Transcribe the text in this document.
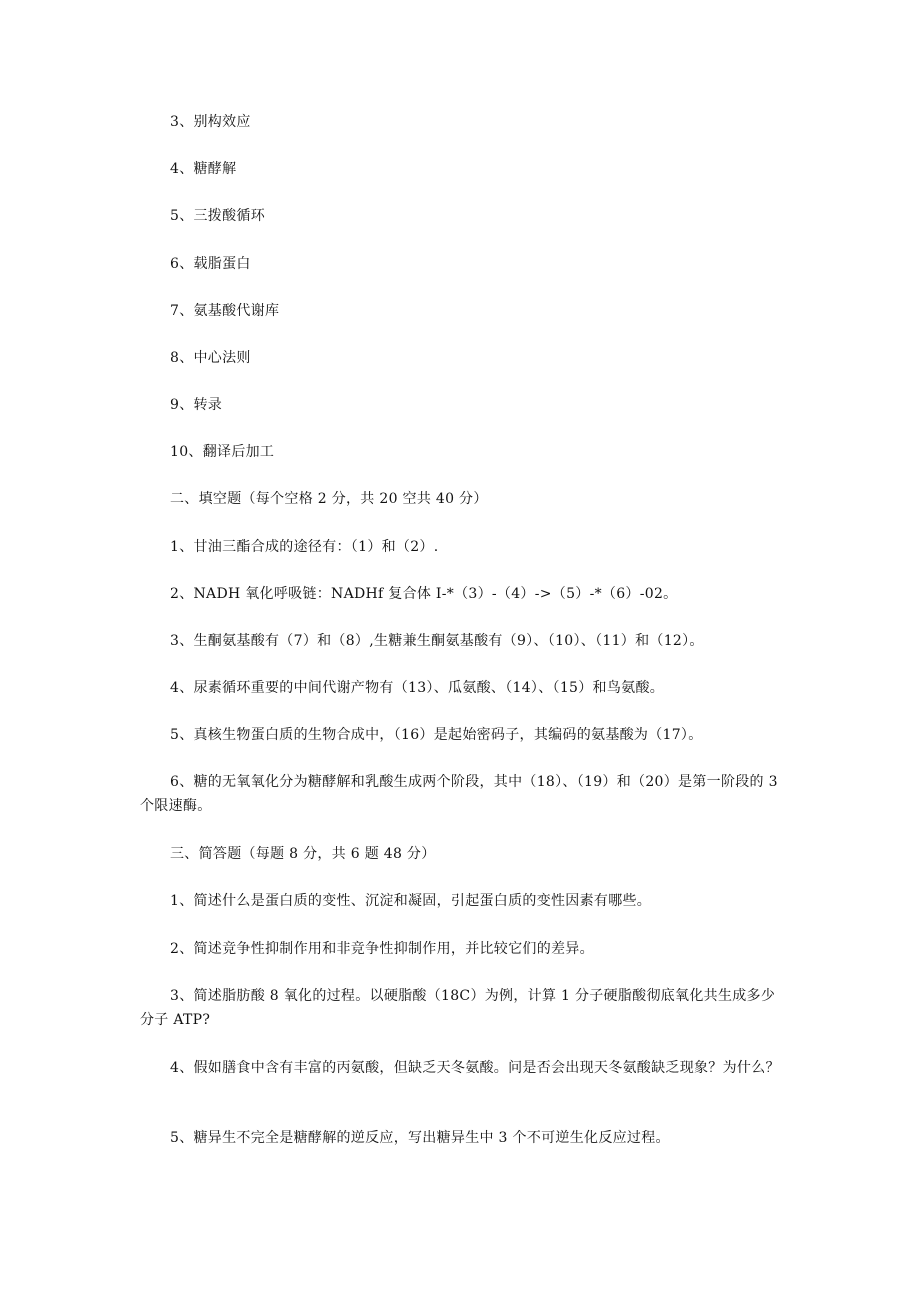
3、别构效应
4、糖酵解
5、三拨酸循环
6、载脂蛋白
7、氨基酸代谢库
8、中心法则
9、转录
10、翻译后加工
二、填空题（每个空格 2 分，共 20 空共 40 分）
1、甘油三酯合成的途径有：（1）和（2）.
2、NADH 氧化呼吸链：NADHf 复合体 I-*（3）-（4）->（5）-*（6）-02。
3、生酮氨基酸有（7）和（8）,生糖兼生酮氨基酸有（9）、（10）、（11）和（12）。
4、尿素循环重要的中间代谢产物有（13）、瓜氨酸、（14）、（15）和鸟氨酸。
5、真核生物蛋白质的生物合成中，（16）是起始密码子，其编码的氨基酸为（17）。
6、糖的无氧氧化分为糖酵解和乳酸生成两个阶段，其中（18）、（19）和（20）是第一阶段的 3 个限速酶。
三、简答题（每题 8 分，共 6 题 48 分）
1、简述什么是蛋白质的变性、沉淀和凝固，引起蛋白质的变性因素有哪些。
2、简述竞争性抑制作用和非竞争性抑制作用，并比较它们的差异。
3、简述脂肪酸 8 氧化的过程。以硬脂酸（18C）为例，计算 1 分子硬脂酸彻底氧化共生成多少分子 ATP?
4、假如膳食中含有丰富的丙氨酸，但缺乏天冬氨酸。问是否会出现天冬氨酸缺乏现象？为什么？
5、糖异生不完全是糖酵解的逆反应，写出糖异生中 3 个不可逆生化反应过程。
